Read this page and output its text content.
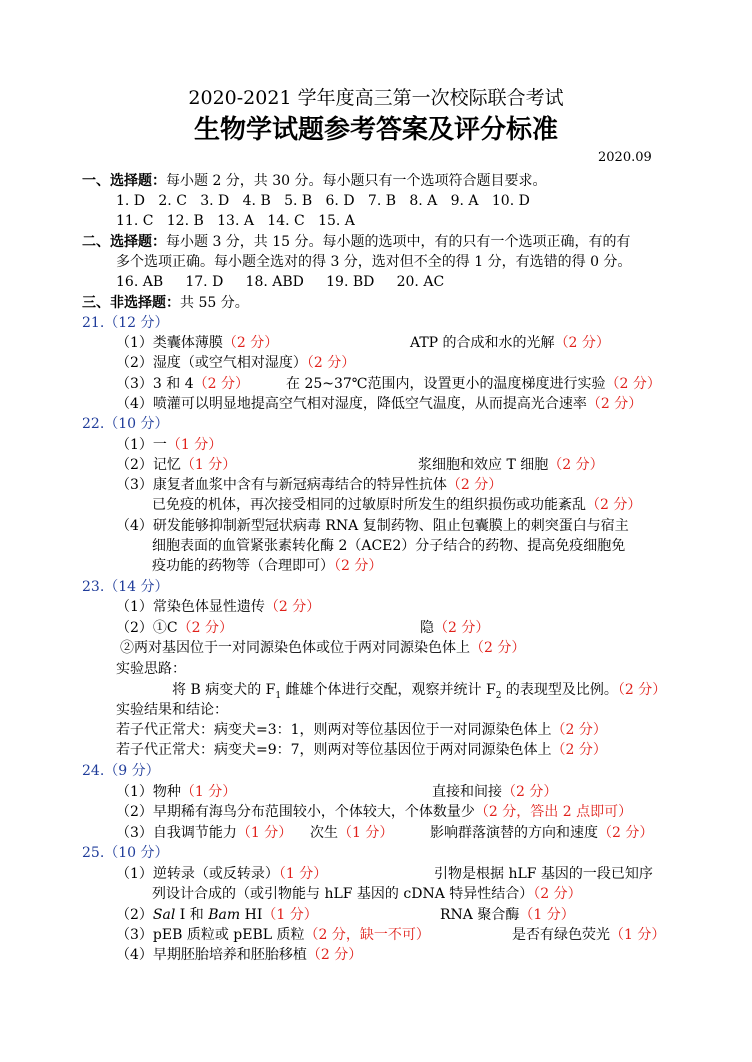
2020-2021 学年度高三第一次校际联合考试
生物学试题参考答案及评分标准
2020.09
一、选择题：每小题 2 分，共 30 分。每小题只有一个选项符合题目要求。
1. D   2. C   3. D   4. B   5. B   6. D   7. B   8. A   9. A   10. D
11. C   12. B   13. A   14. C   15. A
二、选择题：每小题 3 分，共 15 分。每小题的选项中，有的只有一个选项正确，有的有
多个选项正确。每小题全选对的得 3 分，选对但不全的得 1 分，有选错的得 0 分。
16. AB     17. D     18. ABD     19. BD     20. AC
三、非选择题：共 55 分。
21.（12 分）
（1）类囊体薄膜（2 分）	ATP 的合成和水的光解（2 分）
（2）湿度（或空气相对湿度）（2 分）
（3）3 和 4（2 分）	在 25~37℃范围内，设置更小的温度梯度进行实验（2 分）
（4）喷灌可以明显地提高空气相对湿度，降低空气温度，从而提高光合速率（2 分）
22.（10 分）
（1）一（1 分）
（2）记忆（1 分）	浆细胞和效应 T 细胞（2 分）
（3）康复者血浆中含有与新冠病毒结合的特异性抗体（2 分）
已免疫的机体，再次接受相同的过敏原时所发生的组织损伤或功能紊乱（2 分）
（4）研发能够抑制新型冠状病毒 RNA 复制药物、阻止包囊膜上的刺突蛋白与宿主
细胞表面的血管紧张素转化酶 2（ACE2）分子结合的药物、提高免疫细胞免
疫功能的药物等（合理即可）（2 分）
23.（14 分）
（1）常染色体显性遗传（2 分）
（2）①C（2 分）	隐（2 分）
②两对基因位于一对同源染色体或位于两对同源染色体上（2 分）
实验思路：
将 B 病变犬的 $F_1$ 雌雄个体进行交配，观察并统计 $F_2$ 的表现型及比例。（2 分）
实验结果和结论：
若子代正常犬：病变犬=3：1，则两对等位基因位于一对同源染色体上（2 分）
若子代正常犬：病变犬=9：7，则两对等位基因位于两对同源染色体上（2 分）
24.（9 分）
（1）物种（1 分）	直接和间接（2 分）
（2）早期稀有海鸟分布范围较小，个体较大，个体数量少（2 分，答出 2 点即可）
（3）自我调节能力（1 分） 次生（1 分）	影响群落演替的方向和速度（2 分）
25.（10 分）
（1）逆转录（或反转录）（1 分）	引物是根据 hLF 基因的一段已知序
列设计合成的（或引物能与 hLF 基因的 cDNA 特异性结合）（2 分）
（2）Sal I 和 Bam HI（1 分）	RNA 聚合酶（1 分）
（3）pEB 质粒或 pEBL 质粒（2 分，缺一不可）	是否有绿色荧光（1 分）
（4）早期胚胎培养和胚胎移植（2 分）
